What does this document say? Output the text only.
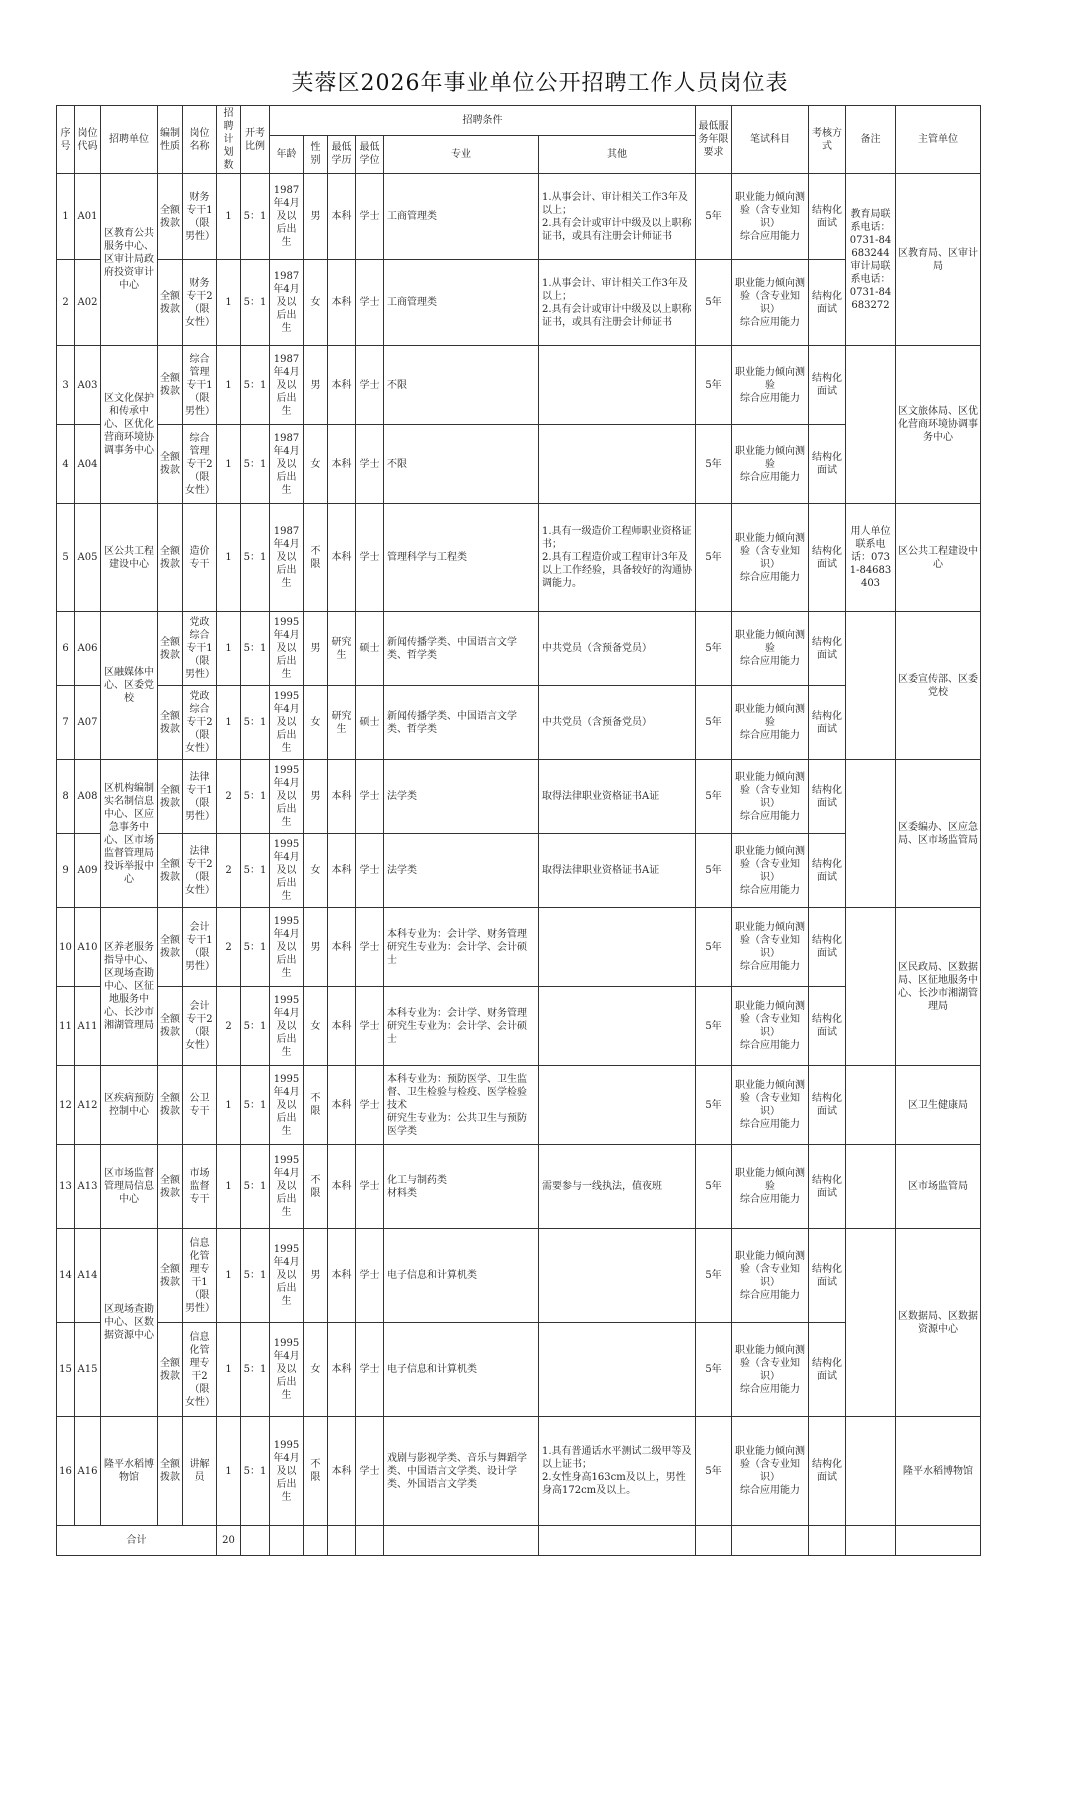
芙蓉区2026年事业单位公开招聘工作人员岗位表
序号	岗位代码	招聘单位	编制性质	岗位名称	招聘计划数	开考比例	招聘条件						最低服务年限要求	笔试科目	考核方式	备注	主管单位
							年龄	性别	最低学历	最低学位	专业	其他					
1	A01	区教育公共服务中心、区审计局政府投资审计中心	全额拨款	财务专干1（限男性）	1	5：1	1987年4月及以后出生	男	本科	学士	工商管理类	1.从事会计、审计相关工作3年及以上；
2.具有会计或审计中级及以上职称证书，或具有注册会计师证书	5年	职业能力倾向测验（含专业知识）
综合应用能力	结构化面试	教育局联系电话：0731-84683244
审计局联系电话：0731-84683272	区教育局、区审计局
2	A02		全额拨款	财务专干2（限女性）	1	5：1	1987年4月及以后出生	女	本科	学士	工商管理类	1.从事会计、审计相关工作3年及以上；
2.具有会计或审计中级及以上职称证书，或具有注册会计师证书	5年	职业能力倾向测验（含专业知识）
综合应用能力	结构化面试		
3	A03	区文化保护和传承中心、区优化营商环境协调事务中心	全额拨款	综合管理专干1（限男性）	1	5：1	1987年4月及以后出生	男	本科	学士	不限		5年	职业能力倾向测验
综合应用能力	结构化面试		区文旅体局、区优化营商环境协调事务中心
4	A04		全额拨款	综合管理专干2（限女性）	1	5：1	1987年4月及以后出生	女	本科	学士	不限		5年	职业能力倾向测验
综合应用能力	结构化面试		
5	A05	区公共工程建设中心	全额拨款	造价专干	1	5：1	1987年4月及以后出生	不限	本科	学士	管理科学与工程类	1.具有一级造价工程师职业资格证书；
2.具有工程造价或工程审计3年及以上工作经验，具备较好的沟通协调能力。	5年	职业能力倾向测验（含专业知识）
综合应用能力	结构化面试	用人单位联系电话：0731-84683403	区公共工程建设中心
6	A06	区融媒体中心、区委党校	全额拨款	党政综合专干1（限男性）	1	5：1	1995年4月及以后出生	男	研究生	硕士	新闻传播学类、中国语言文学类、哲学类	中共党员（含预备党员）	5年	职业能力倾向测验
综合应用能力	结构化面试		区委宣传部、区委党校
7	A07		全额拨款	党政综合专干2（限女性）	1	5：1	1995年4月及以后出生	女	研究生	硕士	新闻传播学类、中国语言文学类、哲学类	中共党员（含预备党员）	5年	职业能力倾向测验
综合应用能力	结构化面试		
8	A08	区机构编制实名制信息中心、区应急事务中心、区市场监督管理局投诉举报中心	全额拨款	法律专干1（限男性）	2	5：1	1995年4月及以后出生	男	本科	学士	法学类	取得法律职业资格证书A证	5年	职业能力倾向测验（含专业知识）
综合应用能力	结构化面试		区委编办、区应急局、区市场监管局
9	A09		全额拨款	法律专干2（限女性）	2	5：1	1995年4月及以后出生	女	本科	学士	法学类	取得法律职业资格证书A证	5年	职业能力倾向测验（含专业知识）
综合应用能力	结构化面试		
10	A10	区养老服务指导中心、区现场查勘中心、区征地服务中心、长沙市湘湖管理局	全额拨款	会计专干1（限男性）	2	5：1	1995年4月及以后出生	男	本科	学士	本科专业为：会计学、财务管理
研究生专业为：会计学、会计硕士		5年	职业能力倾向测验（含专业知识）
综合应用能力	结构化面试		区民政局、区数据局、区征地服务中心、长沙市湘湖管理局
11	A11		全额拨款	会计专干2（限女性）	2	5：1	1995年4月及以后出生	女	本科	学士	本科专业为：会计学、财务管理
研究生专业为：会计学、会计硕士		5年	职业能力倾向测验（含专业知识）
综合应用能力	结构化面试		
12	A12	区疾病预防控制中心	全额拨款	公卫专干	1	5：1	1995年4月及以后出生	不限	本科	学士	本科专业为：预防医学、卫生监督、卫生检验与检疫、医学检验技术
研究生专业为：公共卫生与预防医学类		5年	职业能力倾向测验（含专业知识）
综合应用能力	结构化面试		区卫生健康局
13	A13	区市场监督管理局信息中心	全额拨款	市场监督专干	1	5：1	1995年4月及以后出生	不限	本科	学士	化工与制药类
材料类	需要参与一线执法，值夜班	5年	职业能力倾向测验
综合应用能力	结构化面试		区市场监管局
14	A14	区现场查勘中心、区数据资源中心	全额拨款	信息化管理专干1（限男性）	1	5：1	1995年4月及以后出生	男	本科	学士	电子信息和计算机类		5年	职业能力倾向测验（含专业知识）
综合应用能力	结构化面试		区数据局、区数据资源中心
15	A15		全额拨款	信息化管理专干2（限女性）	1	5：1	1995年4月及以后出生	女	本科	学士	电子信息和计算机类		5年	职业能力倾向测验（含专业知识）
综合应用能力	结构化面试		
16	A16	隆平水稻博物馆	全额拨款	讲解员	1	5：1	1995年4月及以后出生	不限	本科	学士	戏剧与影视学类、音乐与舞蹈学类、中国语言文学类、设计学类、外国语言文学类	1.具有普通话水平测试二级甲等及以上证书；
2.女性身高163cm及以上，男性身高172cm及以上。	5年	职业能力倾向测验（含专业知识）
综合应用能力	结构化面试		隆平水稻博物馆
合计					20												
